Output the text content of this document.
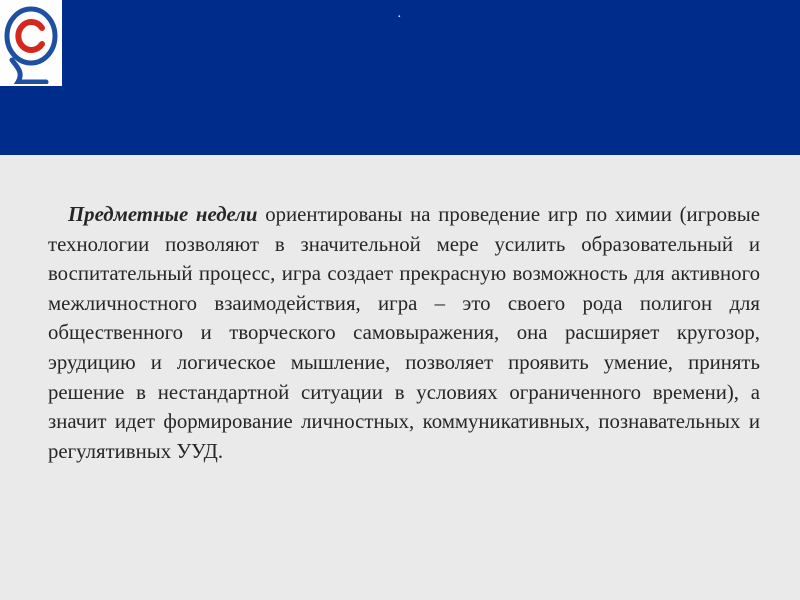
·

Предметные недели ориентированы на проведение игр по химии (игровые технологии позволяют в значительной мере усилить образовательный и воспитательный процесс, игра создает прекрасную возможность для активного межличностного взаимодействия, игра – это своего рода полигон для общественного и творческого самовыражения, она расширяет кругозор, эрудицию и логическое мышление, позволяет проявить умение, принять решение в нестандартной ситуации в условиях ограниченного времени), а значит идет формирование личностных, коммуникативных, познавательных и регулятивных УУД.
